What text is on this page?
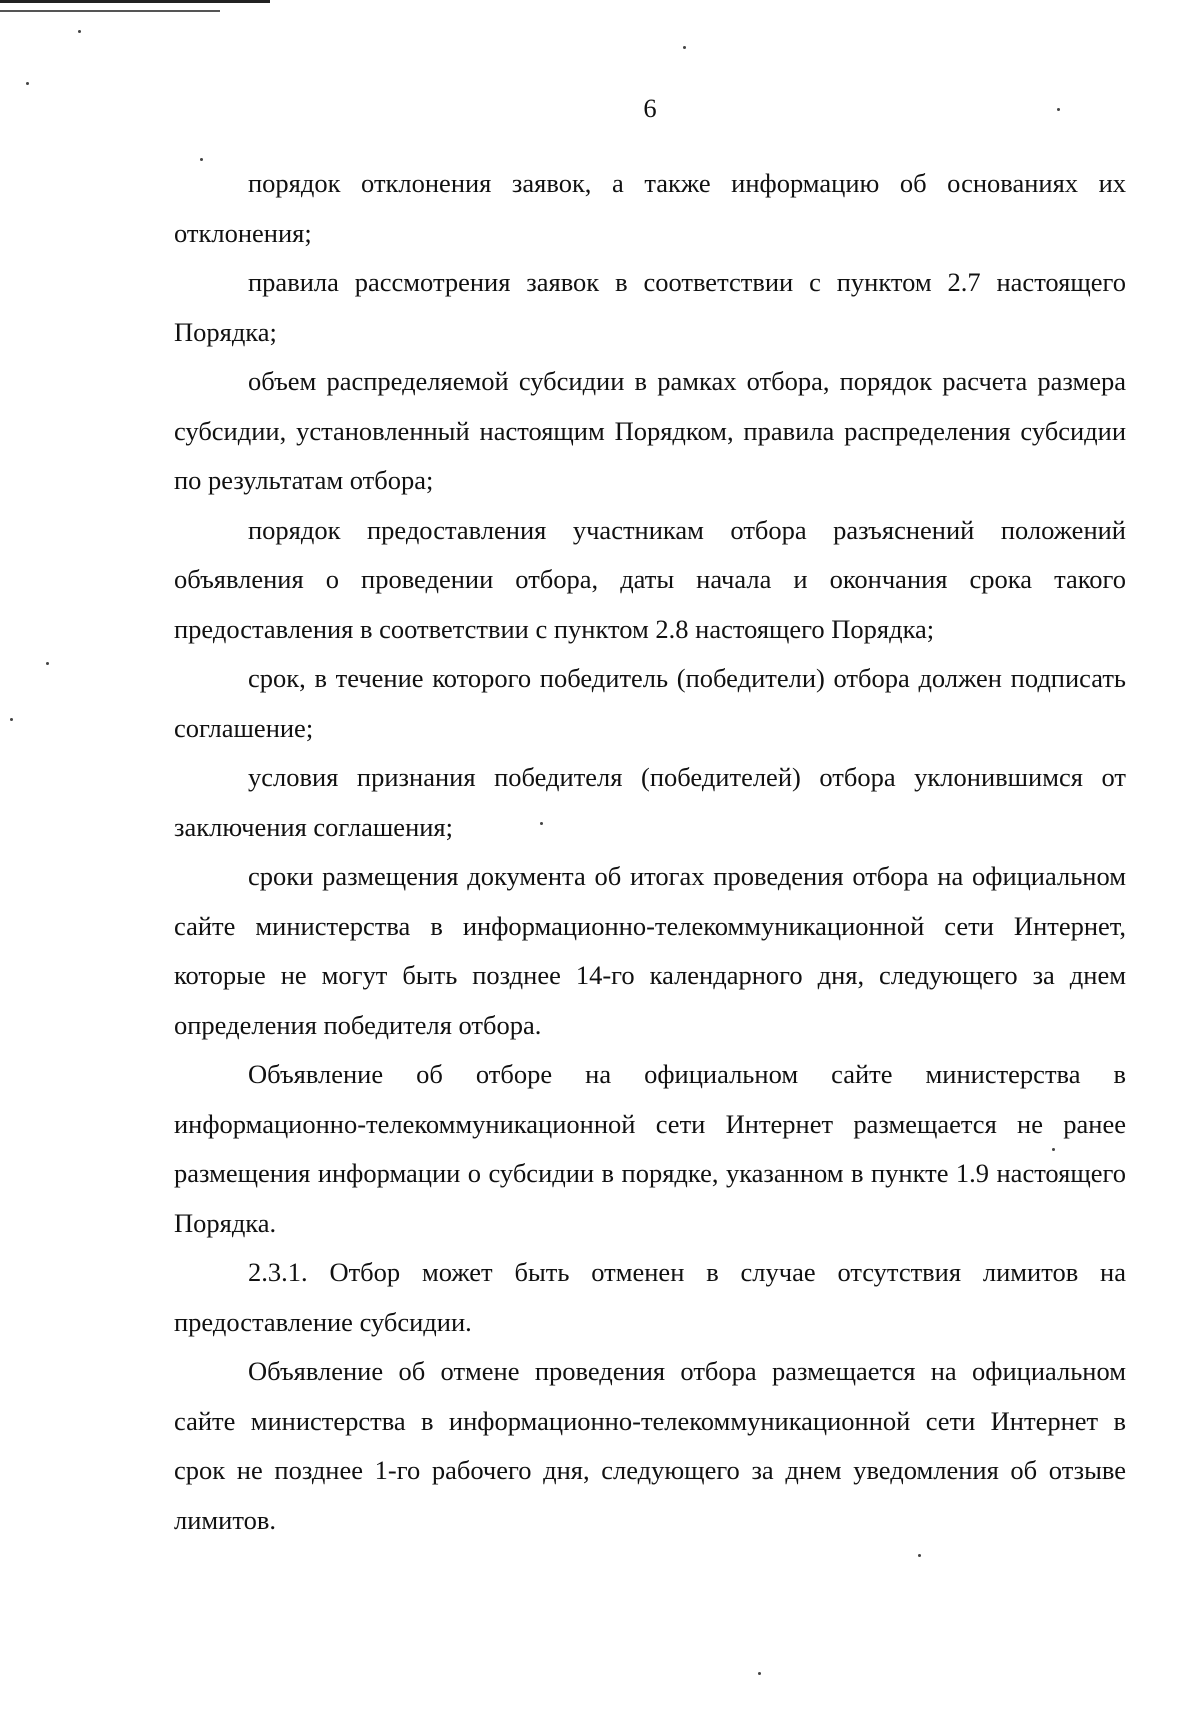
6

порядок отклонения заявок, а также информацию об основаниях их отклонения;

правила рассмотрения заявок в соответствии с пунктом 2.7 настоящего Порядка;

объем распределяемой субсидии в рамках отбора, порядок расчета размера субсидии, установленный настоящим Порядком, правила распределения субсидии по результатам отбора;

порядок предоставления участникам отбора разъяснений положений объявления о проведении отбора, даты начала и окончания срока такого предоставления в соответствии с пунктом 2.8 настоящего Порядка;

срок, в течение которого победитель (победители) отбора должен подписать соглашение;

условия признания победителя (победителей) отбора уклонившимся от заключения соглашения;

сроки размещения документа об итогах проведения отбора на официальном сайте министерства в информационно-телекоммуникационной сети Интернет, которые не могут быть позднее 14-го календарного дня, следующего за днем определения победителя отбора.

Объявление об отборе на официальном сайте министерства в информационно-телекоммуникационной сети Интернет размещается не ранее размещения информации о субсидии в порядке, указанном в пункте 1.9 настоящего Порядка.

2.3.1. Отбор может быть отменен в случае отсутствия лимитов на предоставление субсидии.

Объявление об отмене проведения отбора размещается на официальном сайте министерства в информационно-телекоммуникационной сети Интернет в срок не позднее 1-го рабочего дня, следующего за днем уведомления об отзыве лимитов.
